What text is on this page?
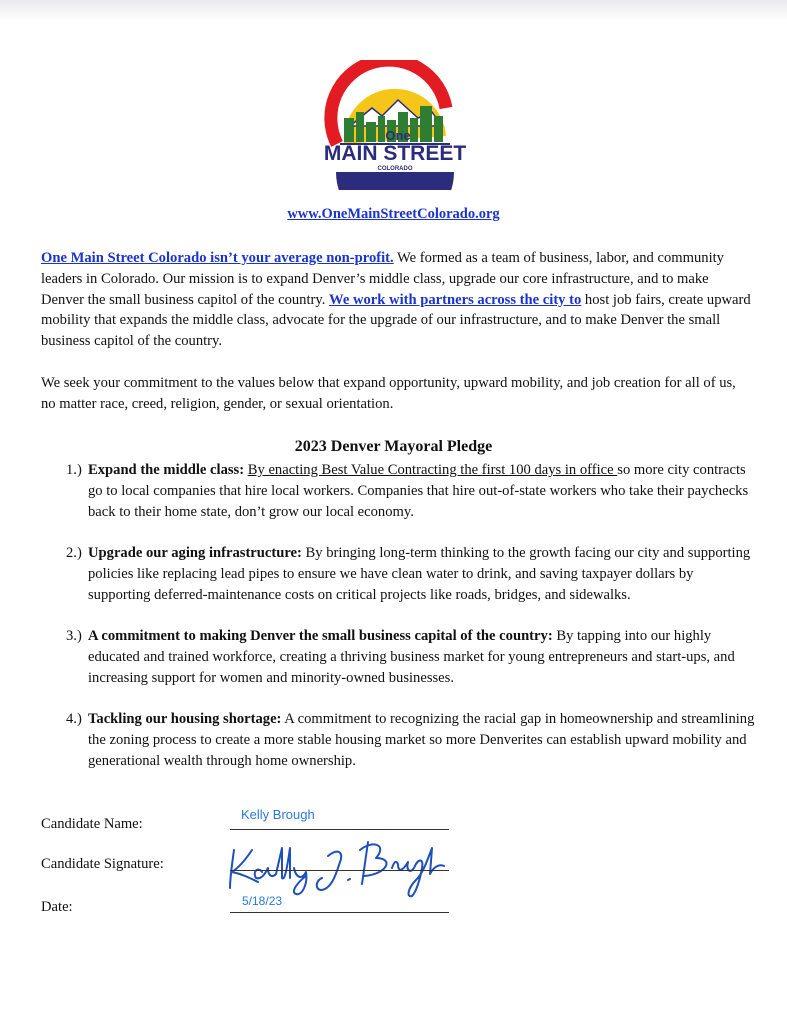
One
MAIN STREET
COLORADO
www.OneMainStreetColorado.org
One Main Street Colorado isn’t your average non-profit. We formed as a team of business, labor, and community leaders in Colorado. Our mission is to expand Denver’s middle class, upgrade our core infrastructure, and to make Denver the small business capitol of the country. We work with partners across the city to host job fairs, create upward mobility that expands the middle class, advocate for the upgrade of our infrastructure, and to make Denver the small business capitol of the country.
We seek your commitment to the values below that expand opportunity, upward mobility, and job creation for all of us, no matter race, creed, religion, gender, or sexual orientation.
2023 Denver Mayoral Pledge
1.) Expand the middle class: By enacting Best Value Contracting the first 100 days in office so more city contracts go to local companies that hire local workers. Companies that hire out-of-state workers who take their paychecks back to their home state, don’t grow our local economy.
2.) Upgrade our aging infrastructure: By bringing long-term thinking to the growth facing our city and supporting policies like replacing lead pipes to ensure we have clean water to drink, and saving taxpayer dollars by supporting deferred-maintenance costs on critical projects like roads, bridges, and sidewalks.
3.) A commitment to making Denver the small business capital of the country: By tapping into our highly educated and trained workforce, creating a thriving business market for young entrepreneurs and start-ups, and increasing support for women and minority-owned businesses.
4.) Tackling our housing shortage: A commitment to recognizing the racial gap in homeownership and streamlining the zoning process to create a more stable housing market so more Denverites can establish upward mobility and generational wealth through home ownership.
Candidate Name:
Kelly Brough
Candidate Signature:
Kelly J. Brough
Date:	5/18/23
